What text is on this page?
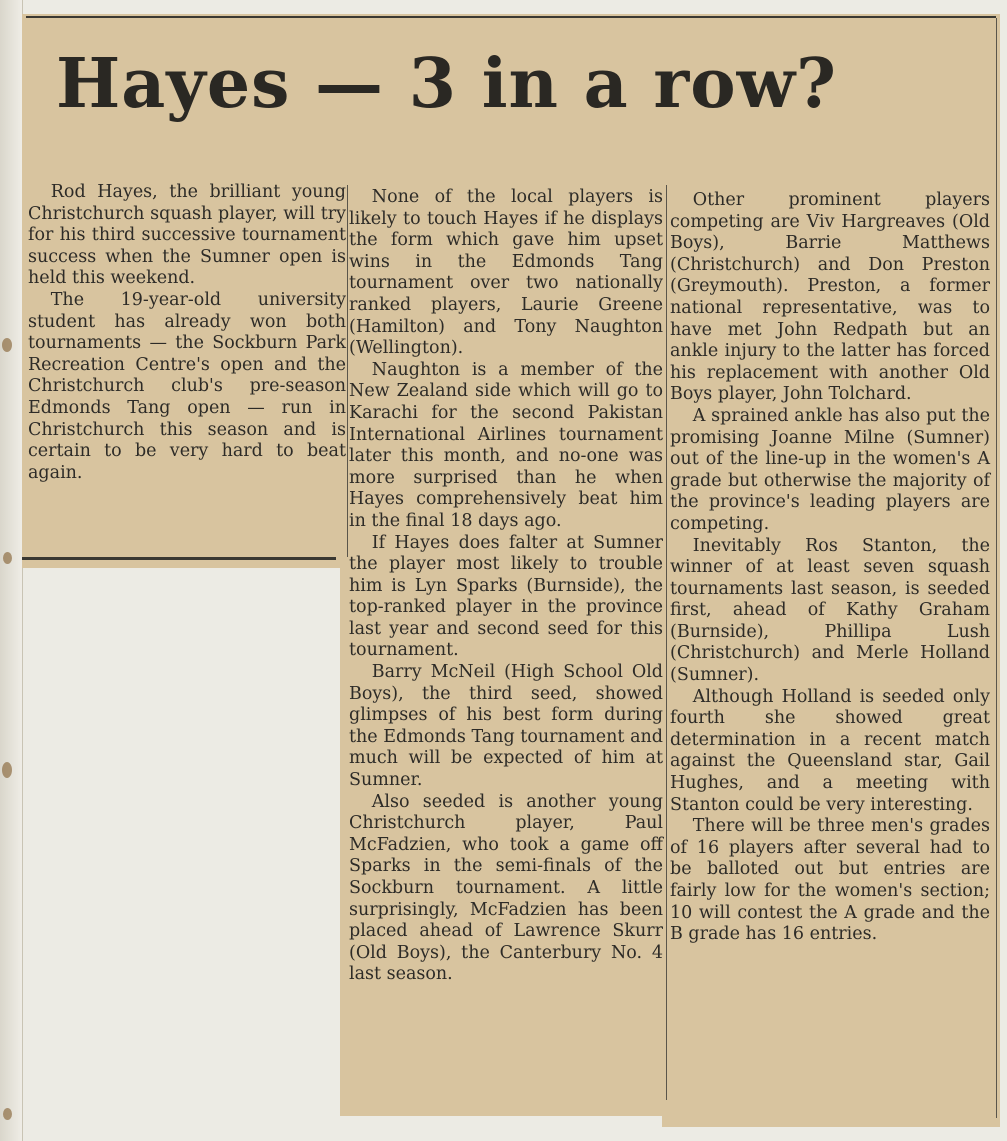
Hayes — 3 in a row?

Rod Hayes, the brilliant young Christchurch squash player, will try for his third successive tournament success when the Sumner open is held this weekend.

The 19-year-old university student has already won both tournaments — the Sockburn Park Recreation Centre's open and the Christchurch club's pre-season Edmonds Tang open — run in Christchurch this season and is certain to be very hard to beat again.

None of the local players is likely to touch Hayes if he displays the form which gave him upset wins in the Edmonds Tang tournament over two nationally ranked players, Laurie Greene (Hamilton) and Tony Naughton (Wellington).

Naughton is a member of the New Zealand side which will go to Karachi for the second Pakistan International Airlines tournament later this month, and no-one was more surprised than he when Hayes comprehensively beat him in the final 18 days ago.

If Hayes does falter at Sumner the player most likely to trouble him is Lyn Sparks (Burnside), the top-ranked player in the province last year and second seed for this tournament.

Barry McNeil (High School Old Boys), the third seed, showed glimpses of his best form during the Edmonds Tang tournament and much will be expected of him at Sumner.

Also seeded is another young Christchurch player, Paul McFadzien, who took a game off Sparks in the semi-finals of the Sockburn tournament. A little surprisingly, McFadzien has been placed ahead of Lawrence Skurr (Old Boys), the Canterbury No. 4 last season.

Other prominent players competing are Viv Hargreaves (Old Boys), Barrie Matthews (Christchurch) and Don Preston (Greymouth). Preston, a former national representative, was to have met John Redpath but an ankle injury to the latter has forced his replacement with another Old Boys player, John Tolchard.

A sprained ankle has also put the promising Joanne Milne (Sumner) out of the line-up in the women's A grade but otherwise the majority of the province's leading players are competing.

Inevitably Ros Stanton, the winner of at least seven squash tournaments last season, is seeded first, ahead of Kathy Graham (Burnside), Phillipa Lush (Christchurch) and Merle Holland (Sumner).

Although Holland is seeded only fourth she showed great determination in a recent match against the Queensland star, Gail Hughes, and a meeting with Stanton could be very interesting.

There will be three men's grades of 16 players after several had to be balloted out but entries are fairly low for the women's section; 10 will contest the A grade and the B grade has 16 entries.
